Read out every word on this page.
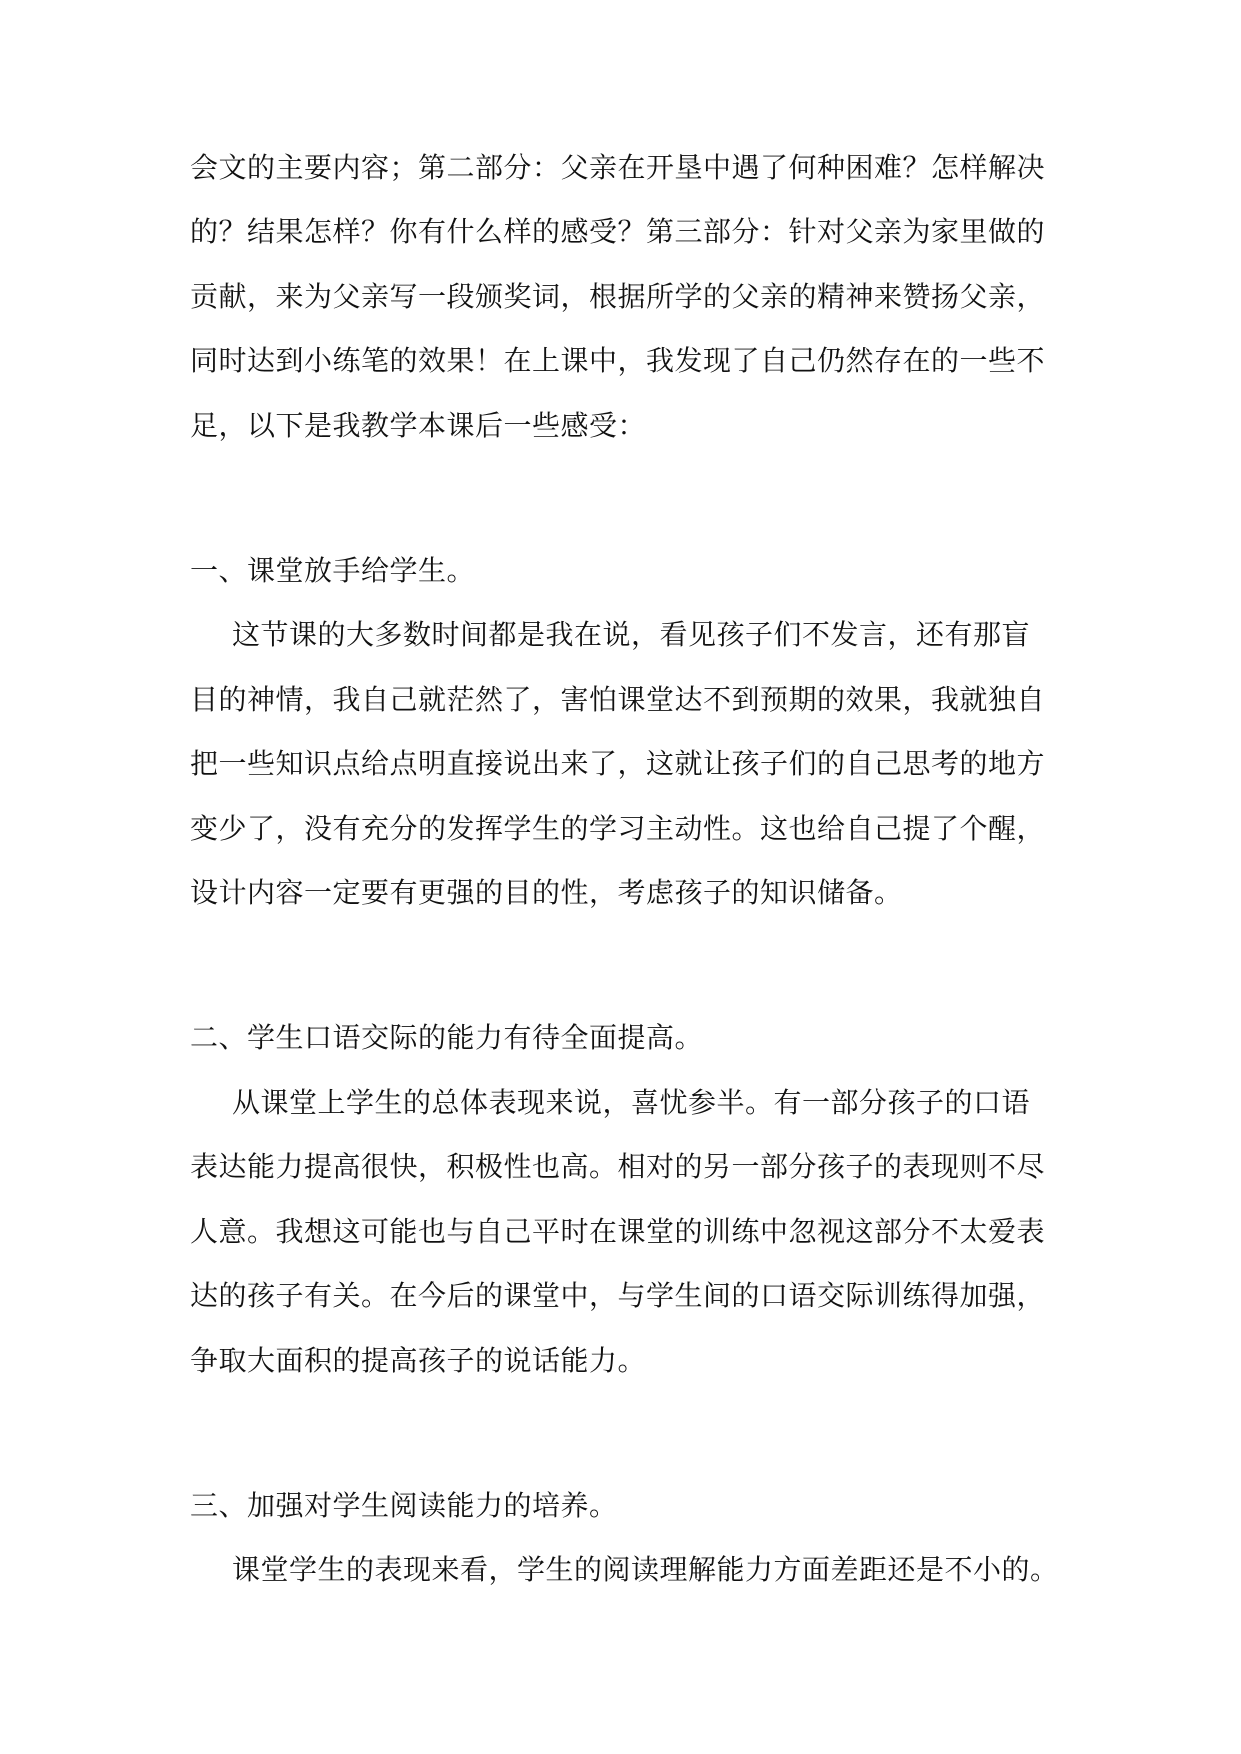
会文的主要内容；第二部分：父亲在开垦中遇了何种困难？怎样解决
的？结果怎样？你有什么样的感受？第三部分：针对父亲为家里做的
贡献，来为父亲写一段颁奖词，根据所学的父亲的精神来赞扬父亲，
同时达到小练笔的效果！在上课中，我发现了自己仍然存在的一些不
足，以下是我教学本课后一些感受：
一、课堂放手给学生。
这节课的大多数时间都是我在说，看见孩子们不发言，还有那盲
目的神情，我自己就茫然了，害怕课堂达不到预期的效果，我就独自
把一些知识点给点明直接说出来了，这就让孩子们的自己思考的地方
变少了，没有充分的发挥学生的学习主动性。这也给自己提了个醒，
设计内容一定要有更强的目的性，考虑孩子的知识储备。
二、学生口语交际的能力有待全面提高。
从课堂上学生的总体表现来说，喜忧参半。有一部分孩子的口语
表达能力提高很快，积极性也高。相对的另一部分孩子的表现则不尽
人意。我想这可能也与自己平时在课堂的训练中忽视这部分不太爱表
达的孩子有关。在今后的课堂中，与学生间的口语交际训练得加强，
争取大面积的提高孩子的说话能力。
三、加强对学生阅读能力的培养。
课堂学生的表现来看，学生的阅读理解能力方面差距还是不小的。
